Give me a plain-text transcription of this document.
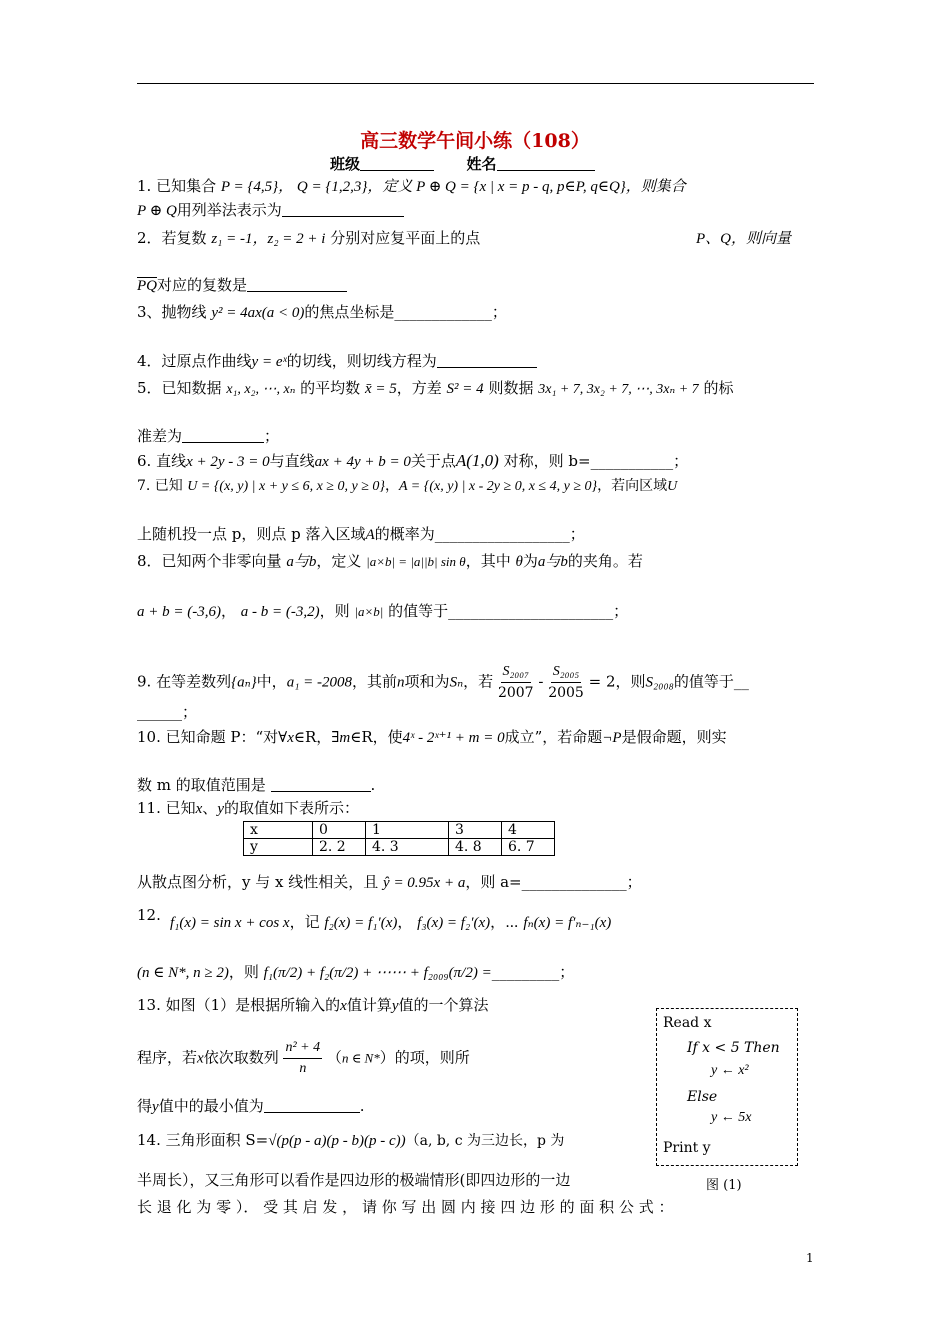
高三数学午间小练（108）
班级	姓名
1. 已知集合 P = {4,5}， Q = {1,2,3}，定义 P ⊕ Q = {x | x = p - q, p∈P, q∈Q}，则集合
P ⊕ Q用列举法表示为
2．若复数 z₁ = -1，z₂ = 2 + i 分别对应复平面上的点	P、Q，则向量
$\overline{PQ}$对应的复数是
3、抛物线 y² = 4ax(a < 0)的焦点坐标是_____________；
4．过原点作曲线y = eˣ的切线，则切线方程为
5．已知数据 x₁, x₂, ⋯, xₙ 的平均数 x̄ = 5，方差 S² = 4 则数据 3x₁ + 7, 3x₂ + 7, ⋯, 3xₙ + 7 的标
准差为	；
6. 直线x + 2y - 3 = 0与直线ax + 4y + b = 0关于点A(1,0) 对称，则 b=___________；
7. 已知 U = {(x, y) | x + y ≤ 6, x ≥ 0, y ≥ 0}，A = {(x, y) | x - 2y ≥ 0, x ≤ 4, y ≥ 0}，若向区域U
上随机投一点 p，则点 p 落入区域A的概率为__________________；
8．已知两个非零向量 a与b，定义 |a×b| = |a||b| sin θ，其中 θ为a与b的夹角。若
a + b = (-3,6)， a - b = (-3,2)，则 |a×b| 的值等于______________________；
9. 在等差数列{aₙ}中，a₁ = -2008，其前n项和为Sₙ，若 $\frac{\text{S₂₀₀₇}}{2007} - \frac{\text{S₂₀₀₅}}{2005} = 2$，则S₂₀₀₈的值等于__
______；
10. 已知命题 P：“对∀x∈R，∃m∈R，使4ˣ - 2ˣ⁺¹ + m = 0成立”，若命题¬P是假命题，则实
数 m 的取值范围是	.
11. 已知x、y的取值如下表所示：
x	0	1	3	4
y	2. 2	4. 3	4. 8	6. 7
从散点图分析，y 与 x 线性相关，且 ŷ = 0.95x + a，则 a=______________；
12. f₁(x) = sin x + cos x，记 f₂(x) = f₁′(x)， f₃(x) = f₂′(x)，⋯ fₙ(x) = f′ₙ₋₁(x)
(n ∈ N*, n ≥ 2)，则 f₁(π/2) + f₂(π/2) + ⋯⋯ + f₂₀₀₉(π/2) =_________；
13. 如图（1）是根据所输入的x值计算y值的一个算法
程序，若x依次取数列 $\frac{\text{n² + 4}}{n} (n$ ∈ N*）的项，则所
得y值中的最小值为	.
Read x
If x < 5 Then
y ← x²
Else
y ← 5x
Print y
图 (1)
14. 三角形面积 S=√(p(p - a)(p - b)(p - c))（a, b, c 为三边长，p 为
半周长），又三角形可以看作是四边形的极端情形(即四边形的一边
长 退 化 为 零 ）． 受 其 启 发 ， 请 你 写 出 圆 内 接 四 边 形 的 面 积 公 式 ：
1
